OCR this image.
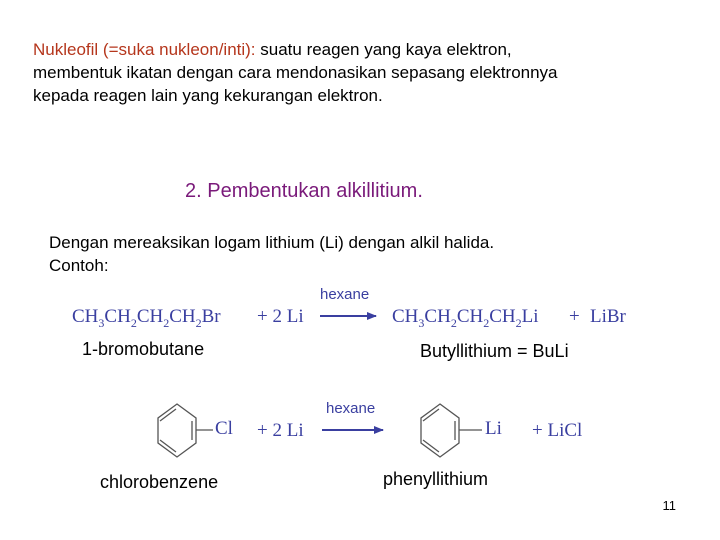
Nukleofil (=suka nukleon/inti): suatu reagen yang kaya elektron,
membentuk ikatan dengan cara mendonasikan sepasang elektronnya
kepada reagen lain yang kekurangan elektron.
2. Pembentukan alkillitium.
Dengan mereaksikan logam lithium (Li) dengan alkil halida.
Contoh:
$CH_3CH_2CH_2CH_2Br + 2$ Li
hexane
$CH_3CH_2CH_2CH_2Li$ + LiBr
1-bromobutane	Butyllithium = BuLi
Cl + 2 Li
hexane
Li + LiCl
chlorobenzene	phenyllithium
11
